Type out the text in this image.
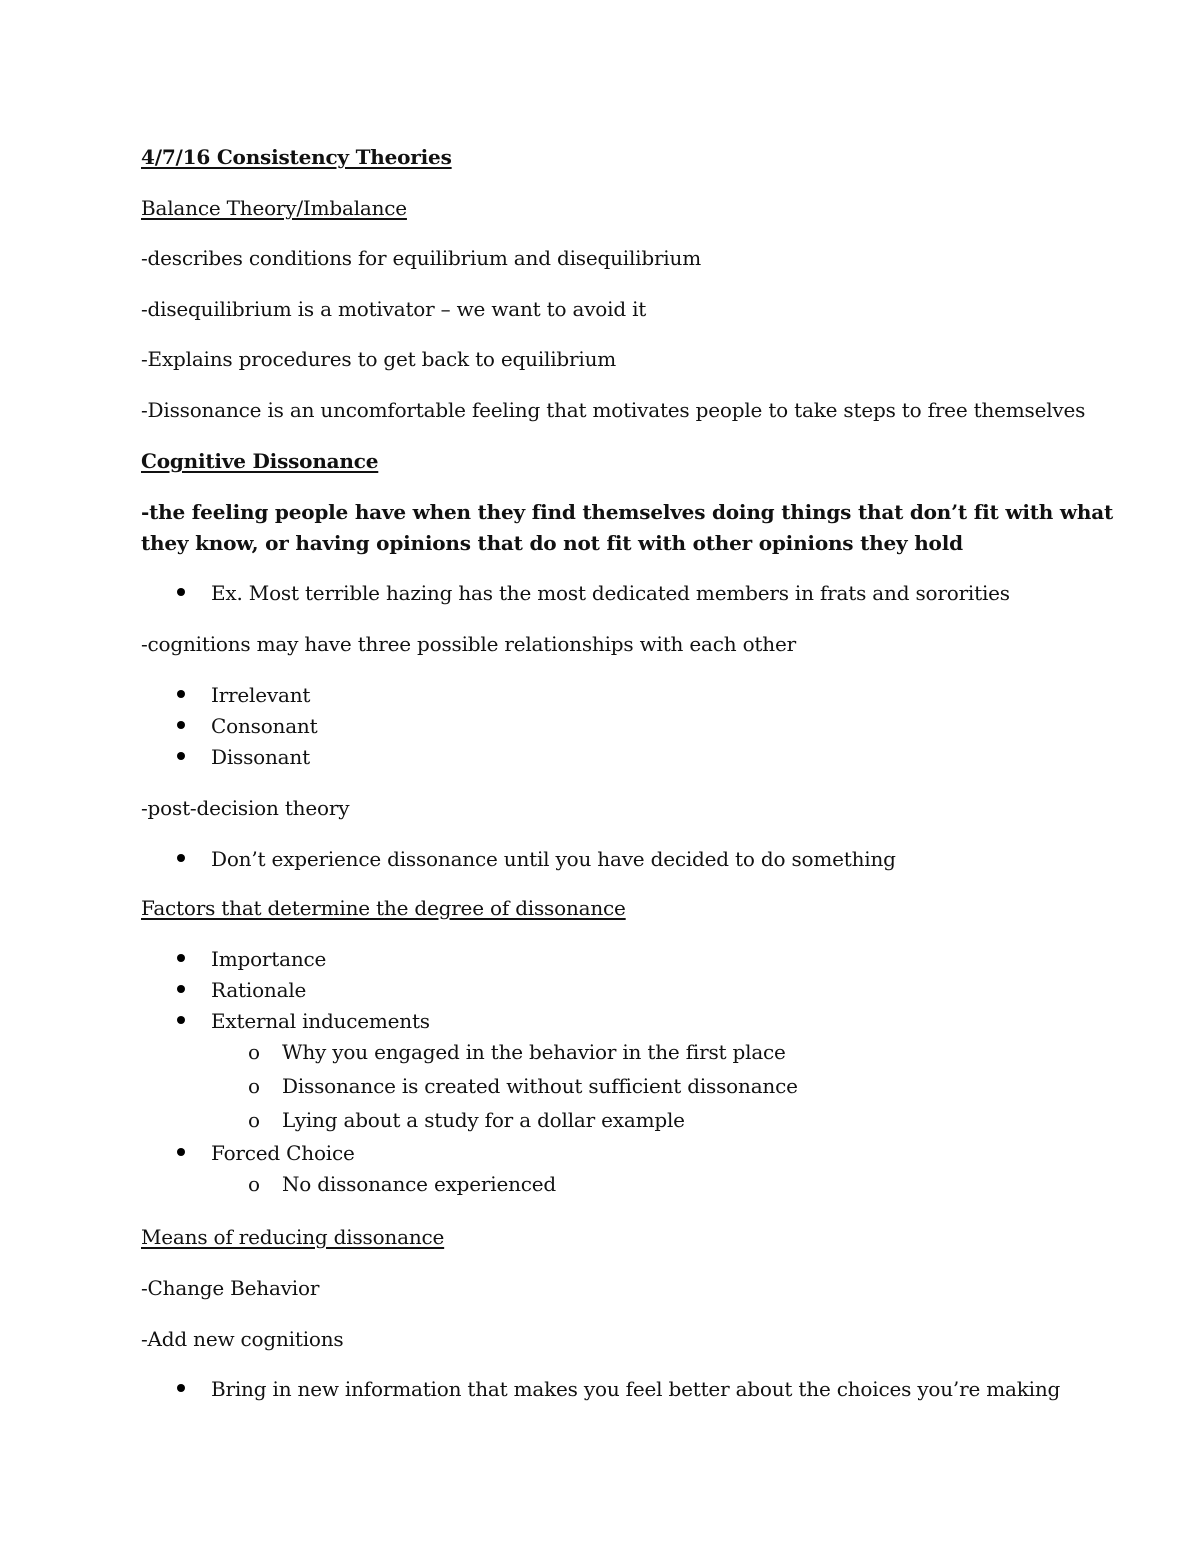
4/7/16 Consistency Theories
Balance Theory/Imbalance
-describes conditions for equilibrium and disequilibrium
-disequilibrium is a motivator – we want to avoid it
-Explains procedures to get back to equilibrium
-Dissonance is an uncomfortable feeling that motivates people to take steps to free themselves
Cognitive Dissonance
-the feeling people have when they find themselves doing things that don’t fit with what
they know, or having opinions that do not fit with other opinions they hold
Ex. Most terrible hazing has the most dedicated members in frats and sororities
-cognitions may have three possible relationships with each other
Irrelevant
Consonant
Dissonant
-post-decision theory
Don’t experience dissonance until you have decided to do something
Factors that determine the degree of dissonance
Importance
Rationale
External inducements
o Why you engaged in the behavior in the first place
o Dissonance is created without sufficient dissonance
o Lying about a study for a dollar example
Forced Choice
o No dissonance experienced
Means of reducing dissonance
-Change Behavior
-Add new cognitions
Bring in new information that makes you feel better about the choices you’re making
